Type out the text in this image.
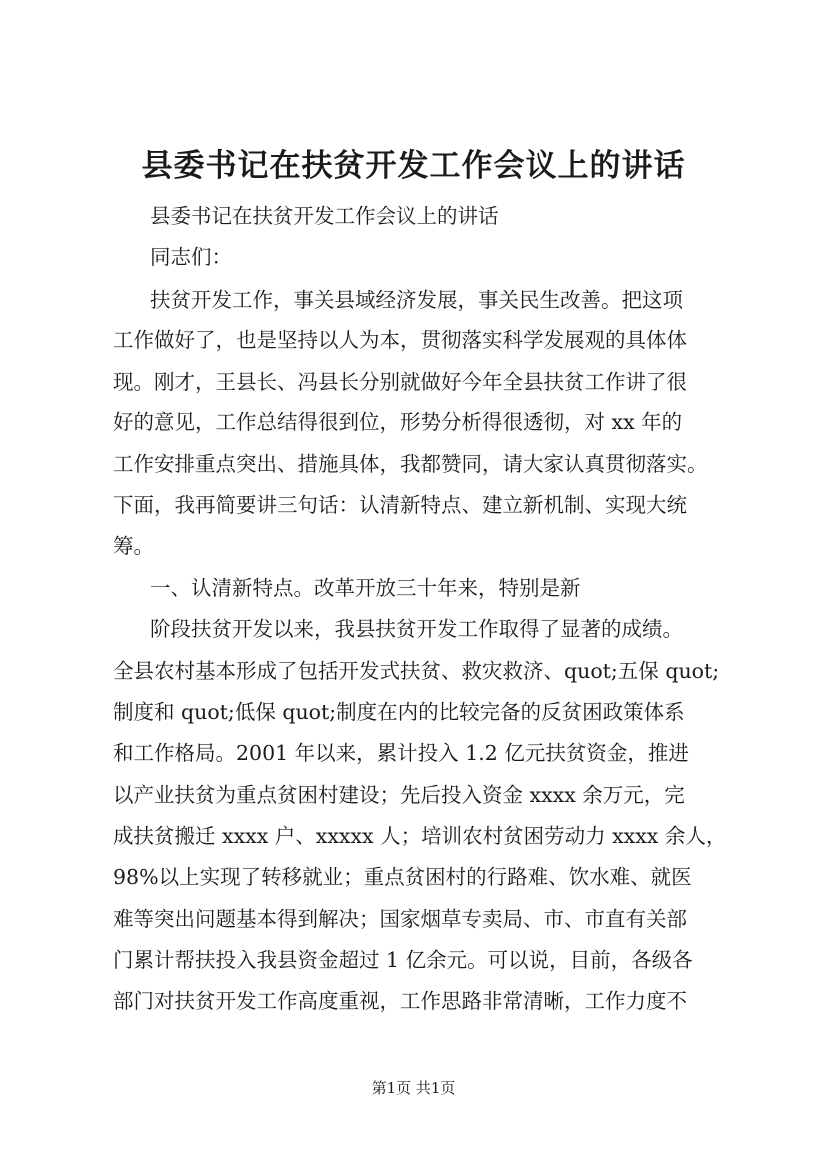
县委书记在扶贫开发工作会议上的讲话
县委书记在扶贫开发工作会议上的讲话
同志们：
扶贫开发工作，事关县域经济发展，事关民生改善。把这项
工作做好了，也是坚持以人为本，贯彻落实科学发展观的具体体
现。刚才，王县长、冯县长分别就做好今年全县扶贫工作讲了很
好的意见，工作总结得很到位，形势分析得很透彻，对 xx 年的
工作安排重点突出、措施具体，我都赞同，请大家认真贯彻落实。
下面，我再简要讲三句话：认清新特点、建立新机制、实现大统
筹。
一、认清新特点。改革开放三十年来，特别是新
阶段扶贫开发以来，我县扶贫开发工作取得了显著的成绩。
全县农村基本形成了包括开发式扶贫、救灾救济、quot;五保 quot;
制度和 quot;低保 quot;制度在内的比较完备的反贫困政策体系
和工作格局。2001 年以来，累计投入 1.2 亿元扶贫资金，推进
以产业扶贫为重点贫困村建设；先后投入资金 xxxx 余万元，完
成扶贫搬迁 xxxx 户、xxxxx 人；培训农村贫困劳动力 xxxx 余人，
98%以上实现了转移就业；重点贫困村的行路难、饮水难、就医
难等突出问题基本得到解决；国家烟草专卖局、市、市直有关部
门累计帮扶投入我县资金超过 1 亿余元。可以说，目前，各级各
部门对扶贫开发工作高度重视，工作思路非常清晰，工作力度不
第1页 共1页
